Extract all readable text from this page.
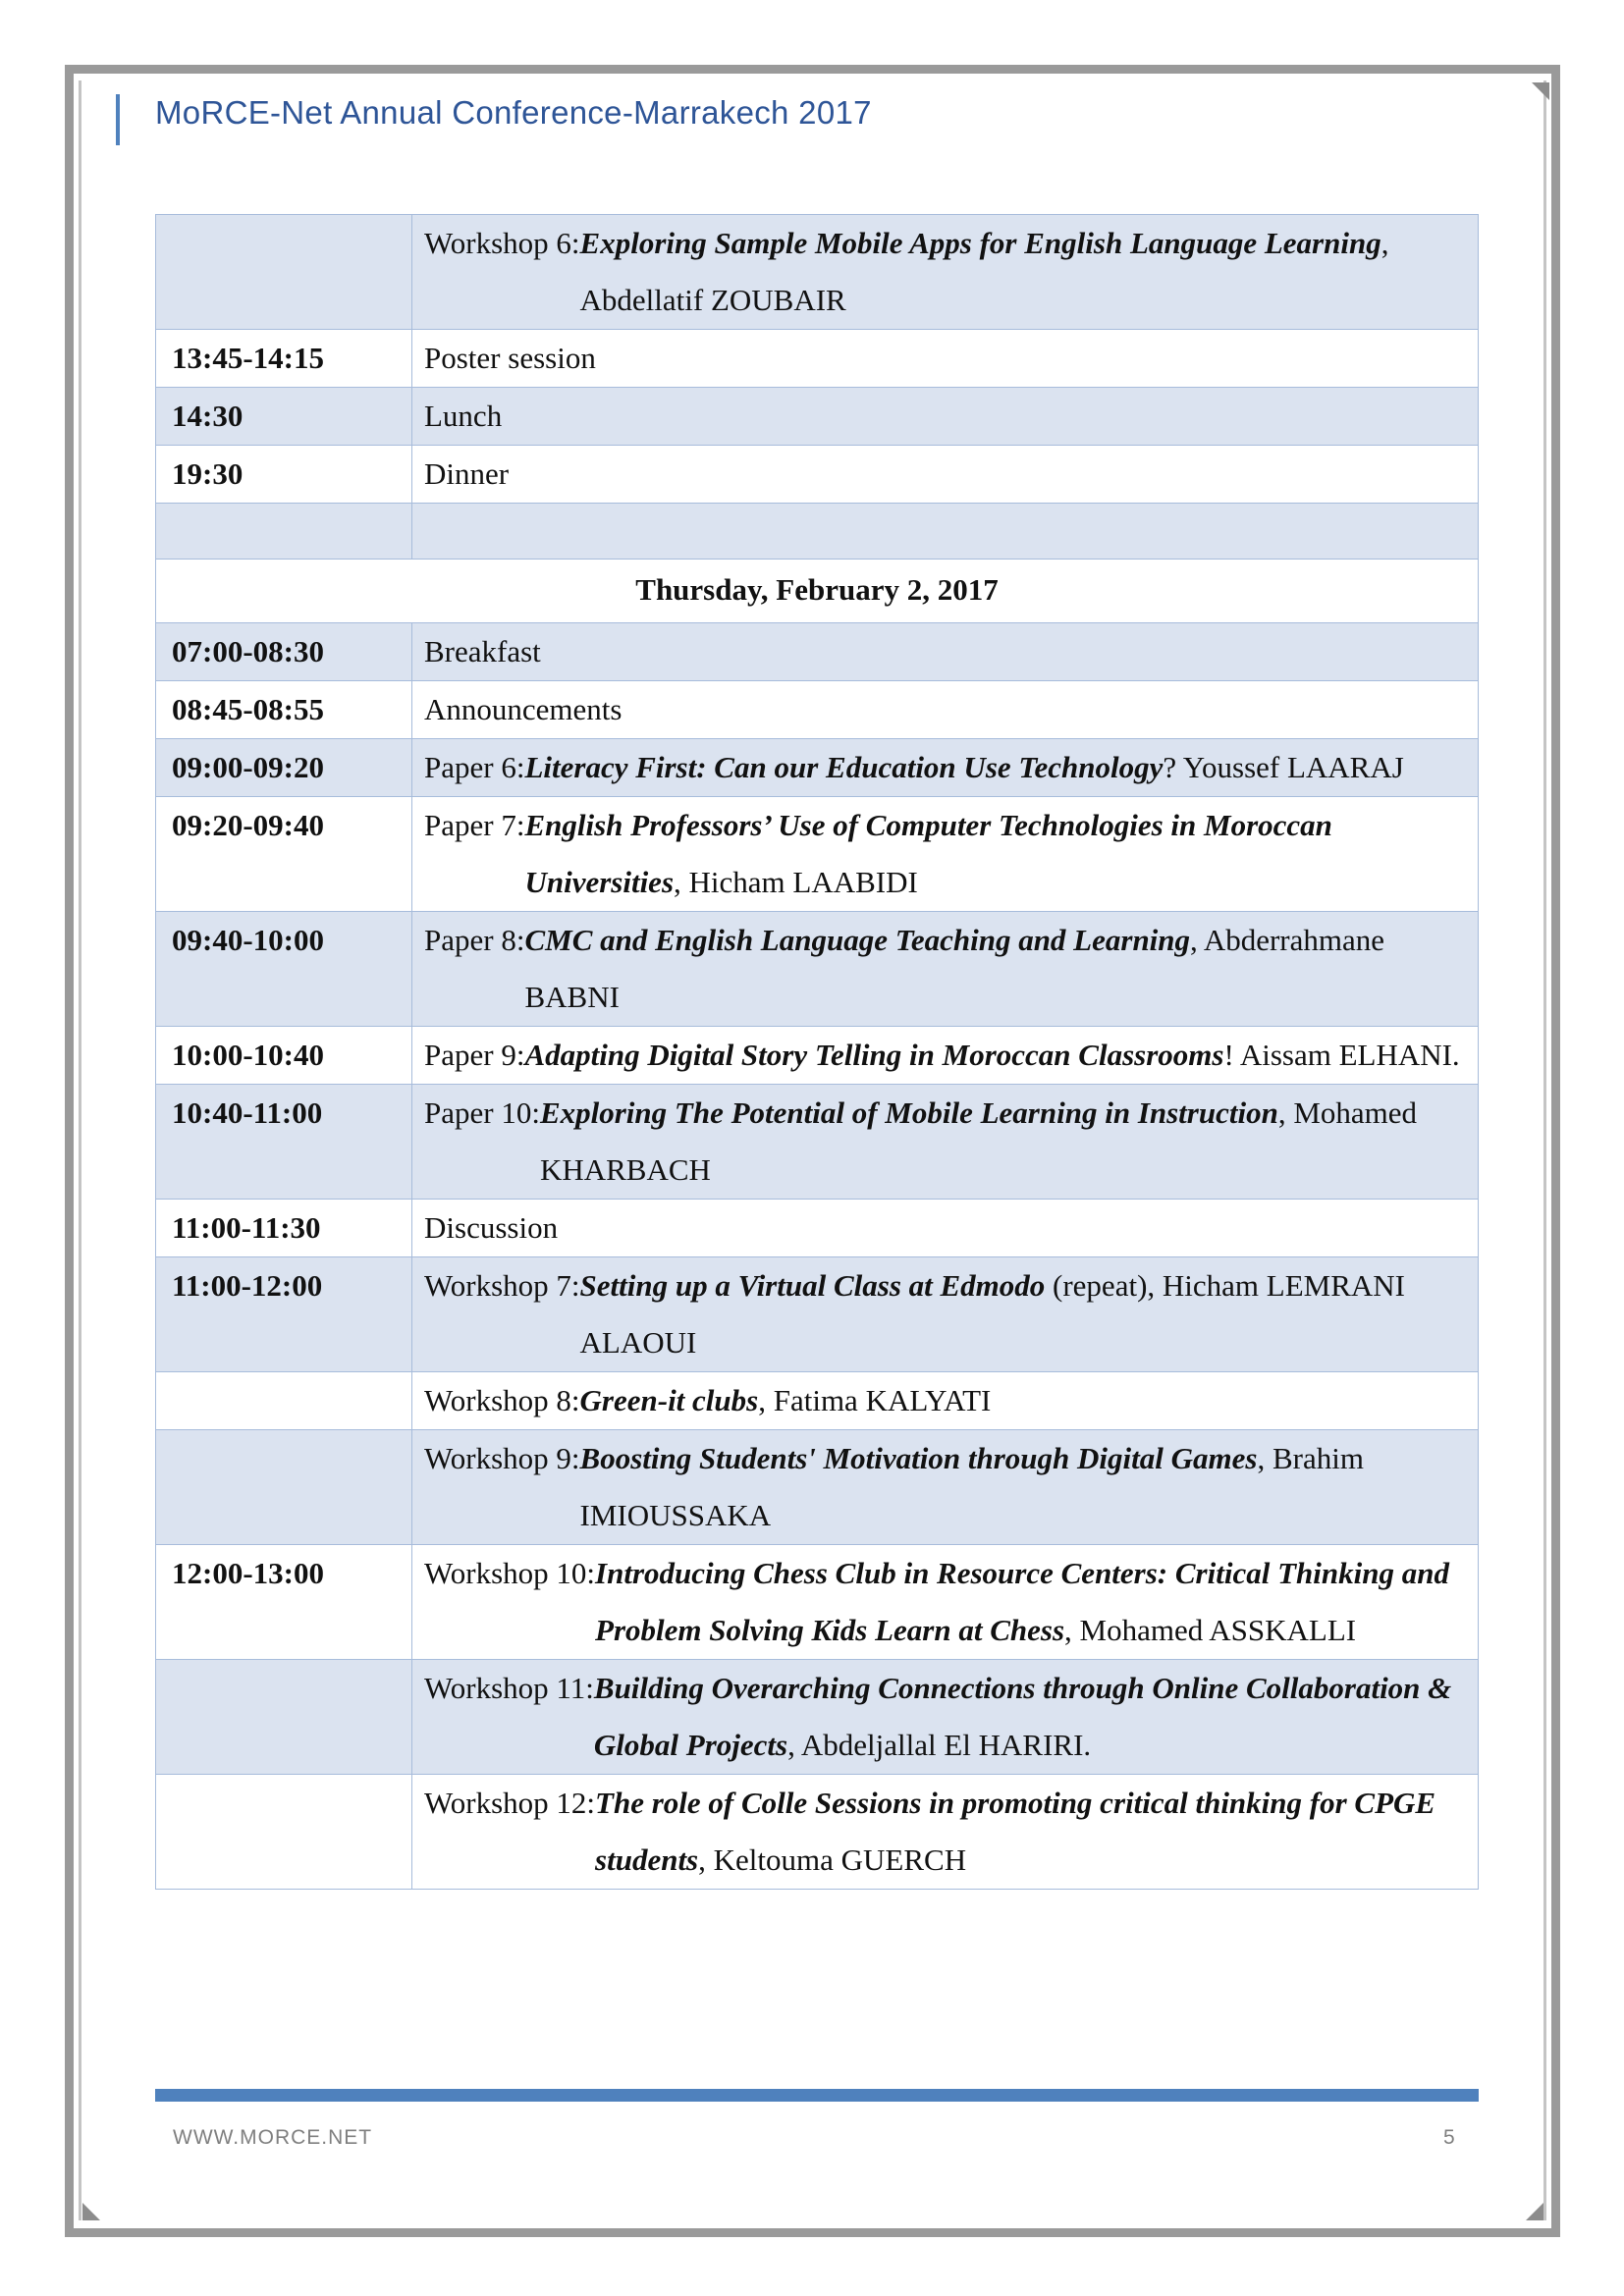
MoRCE-Net Annual Conference-Marrakech 2017

	Workshop 6: Exploring Sample Mobile Apps for English Language Learning, Abdellatif ZOUBAIR

13:45-14:15	Poster session
14:30	Lunch
19:30	Dinner

Thursday, February 2, 2017	
07:00-08:30	Breakfast
08:45-08:55	Announcements
09:00-09:20	Paper 6: Literacy First: Can our Education Use Technology? Youssef LAARAJ

09:20-09:40	Paper 7: English Professors’ Use of Computer Technologies in Moroccan Universities, Hicham LAABIDI

09:40-10:00	Paper 8: CMC and English Language Teaching and Learning, Abderrahmane BABNI

10:00-10:40	Paper 9: Adapting Digital Story Telling in Moroccan Classrooms! Aissam ELHANI.

10:40-11:00	Paper 10: Exploring The Potential of Mobile Learning in Instruction, Mohamed KHARBACH

11:00-11:30	Discussion
11:00-12:00	Workshop 7: Setting up a Virtual Class at Edmodo (repeat), Hicham LEMRANI ALAOUI

	Workshop 8: Green-it clubs, Fatima KALYATI

	Workshop 9: Boosting Students' Motivation through Digital Games, Brahim IMIOUSSAKA

12:00-13:00	Workshop 10: Introducing Chess Club in Resource Centers: Critical Thinking and Problem Solving Kids Learn at Chess, Mohamed ASSKALLI

	Workshop 11: Building Overarching Connections through Online Collaboration & Global Projects, Abdeljallal El HARIRI.

	Workshop 12: The role of Colle Sessions in promoting critical thinking for CPGE students, Keltouma GUERCH
WWW.MORCE.NET	5
